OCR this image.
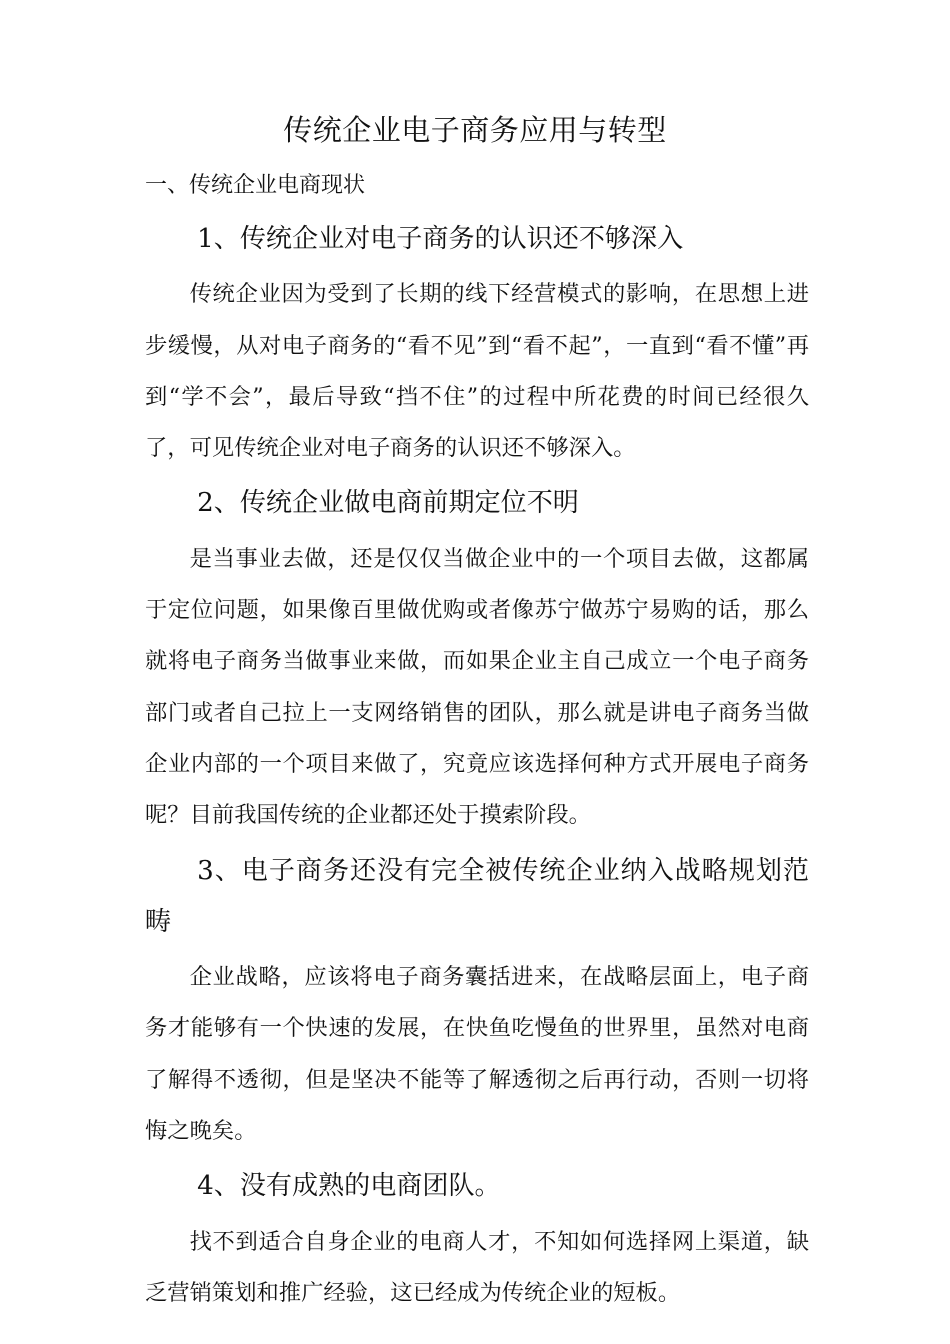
传统企业电子商务应用与转型
一、传统企业电商现状
1、传统企业对电子商务的认识还不够深入

传统企业因为受到了长期的线下经营模式的影响，在思想上进步缓慢，从对电子商务的“看不见”到“看不起”，一直到“看不懂”再到“学不会”，最后导致“挡不住”的过程中所花费的时间已经很久了，可见传统企业对电子商务的认识还不够深入。

2、传统企业做电商前期定位不明

是当事业去做，还是仅仅当做企业中的一个项目去做，这都属于定位问题，如果像百里做优购或者像苏宁做苏宁易购的话，那么就将电子商务当做事业来做，而如果企业主自己成立一个电子商务部门或者自己拉上一支网络销售的团队，那么就是讲电子商务当做企业内部的一个项目来做了，究竟应该选择何种方式开展电子商务呢？目前我国传统的企业都还处于摸索阶段。

3、电子商务还没有完全被传统企业纳入战略规划范畴

企业战略，应该将电子商务囊括进来，在战略层面上，电子商务才能够有一个快速的发展，在快鱼吃慢鱼的世界里，虽然对电商了解得不透彻，但是坚决不能等了解透彻之后再行动，否则一切将悔之晚矣。

4、没有成熟的电商团队。

找不到适合自身企业的电商人才，不知如何选择网上渠道，缺乏营销策划和推广经验，这已经成为传统企业的短板。
